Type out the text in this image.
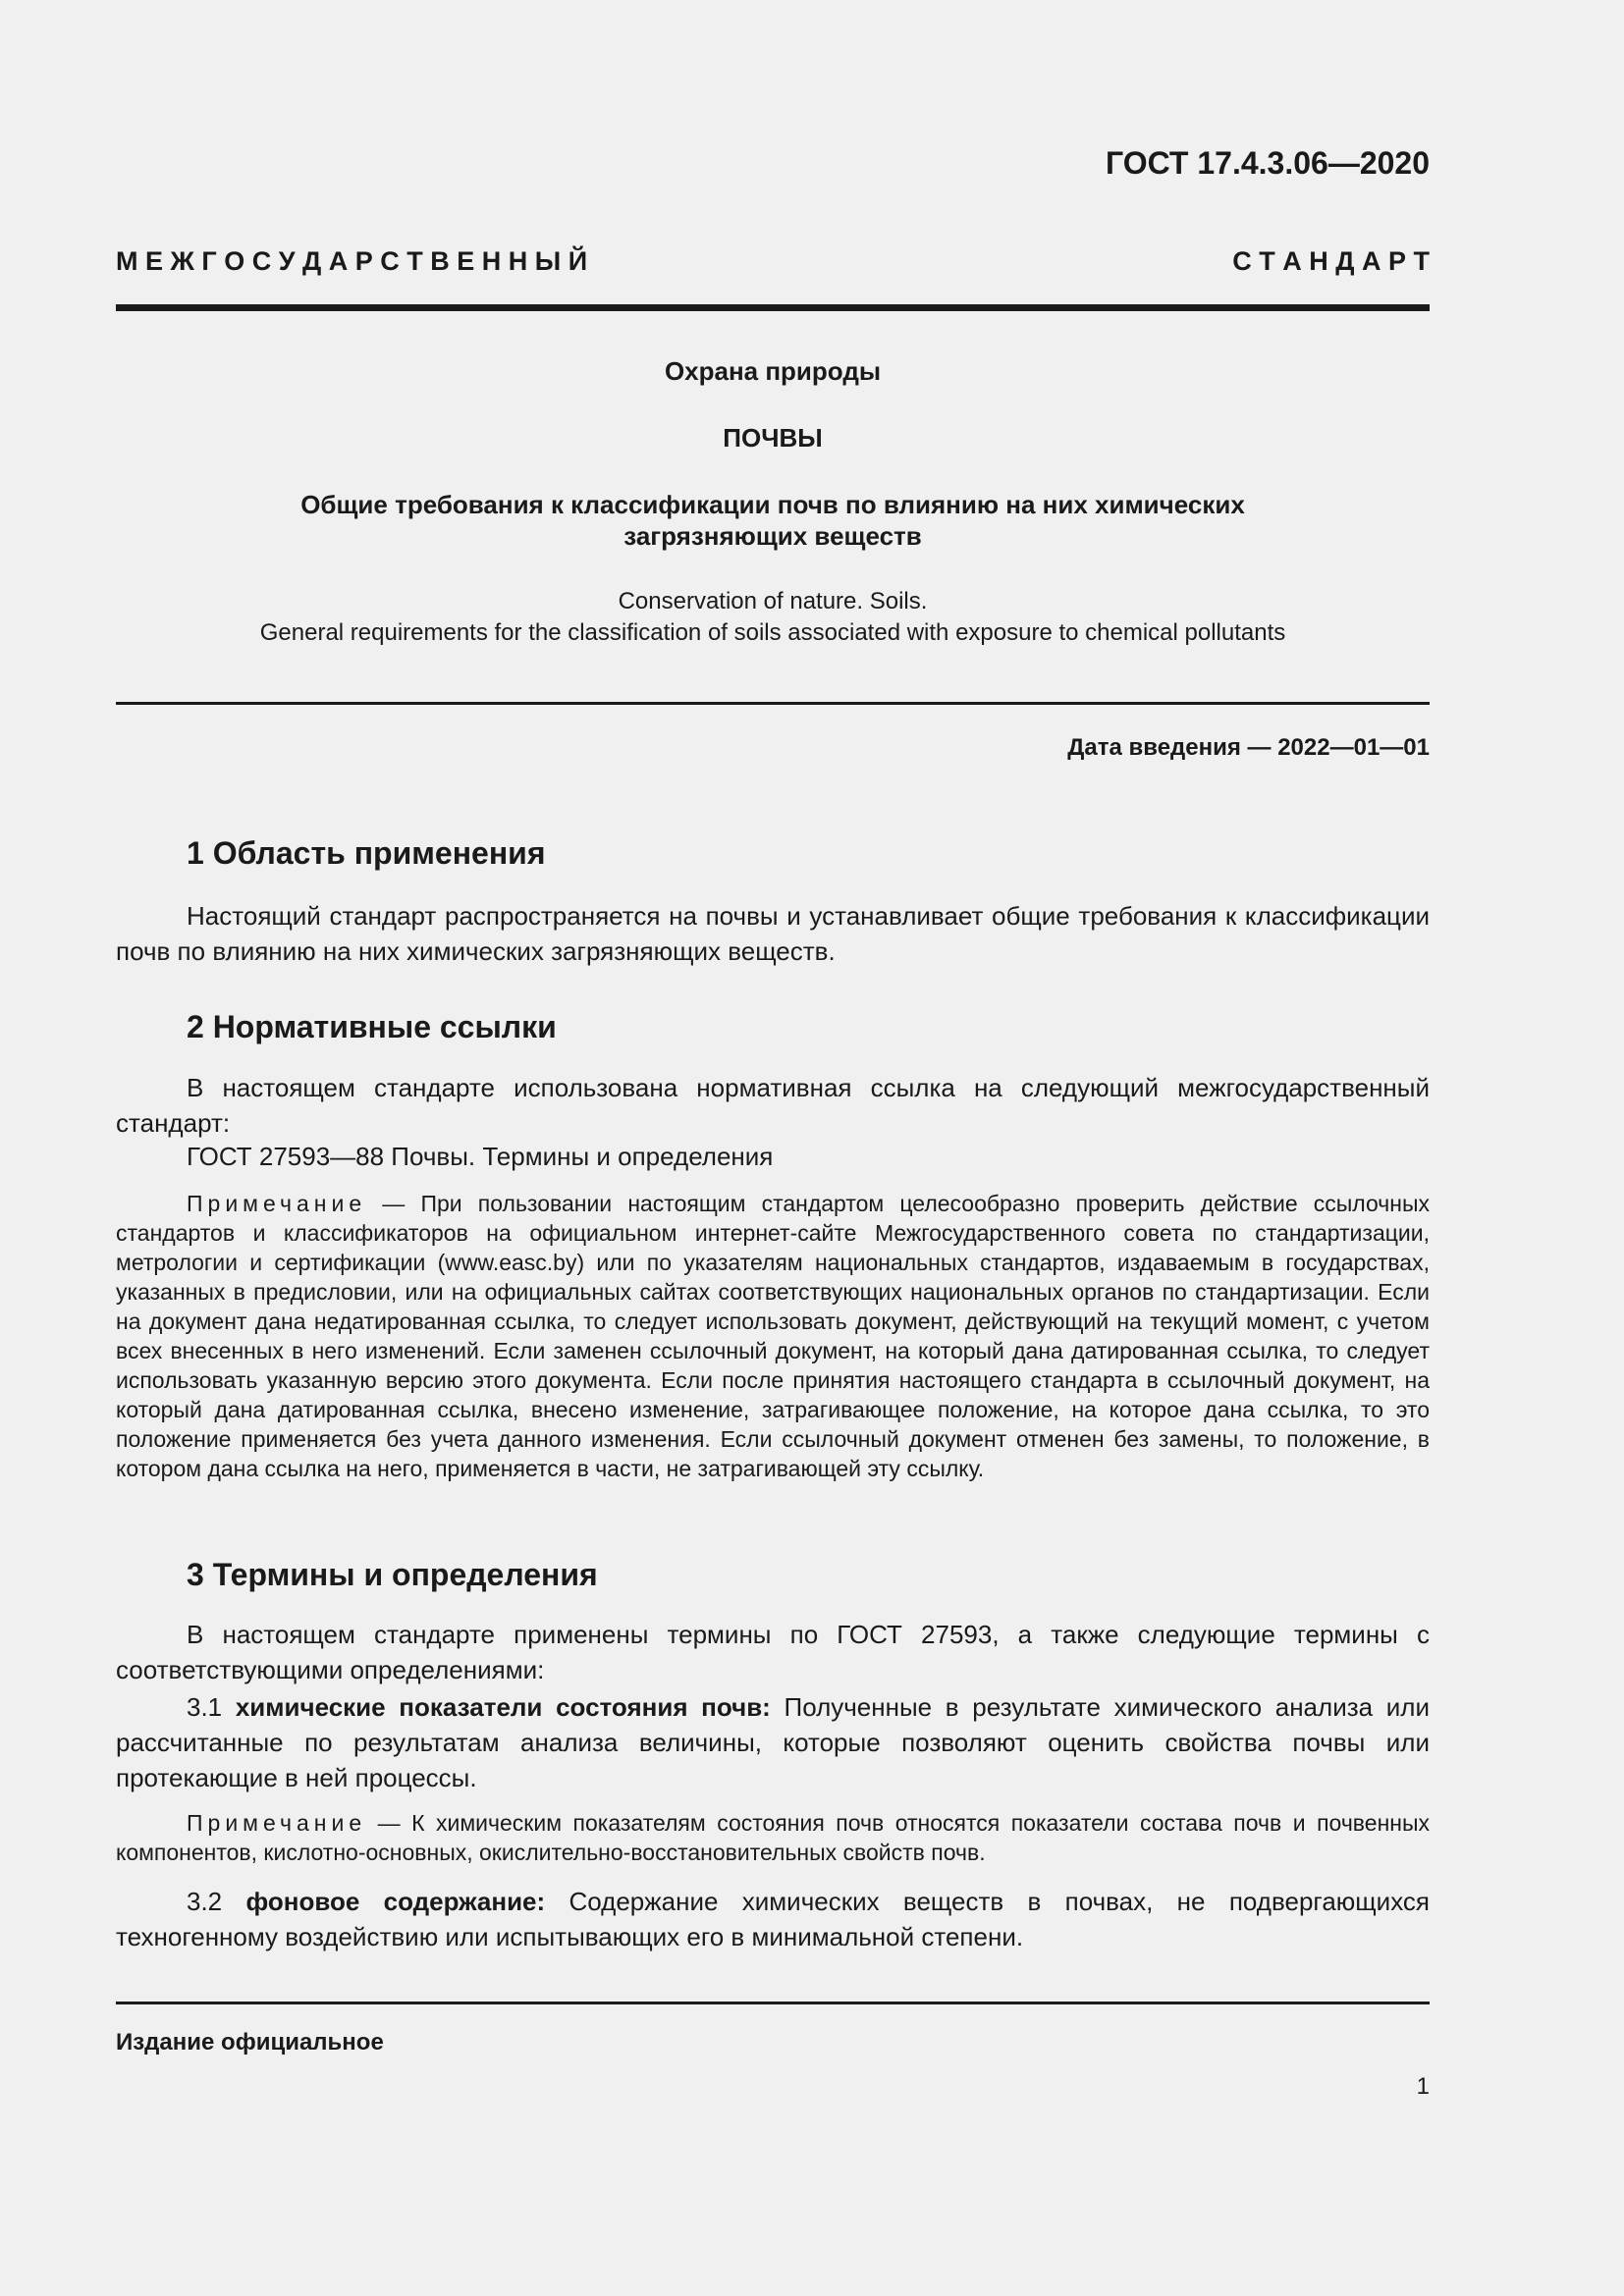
ГОСТ 17.4.3.06—2020
М Е Ж Г О С У Д А Р С Т В Е Н Н Ы Й	С Т А Н Д А Р Т
Охрана природы
ПОЧВЫ
Общие требования к классификации почв по влиянию на них химических
загрязняющих веществ
Conservation of nature. Soils.
General requirements for the classification of soils associated with exposure to chemical pollutants
Дата введения — 2022—01—01
1 Область применения
Настоящий стандарт распространяется на почвы и устанавливает общие требования к классификации почв по влиянию на них химических загрязняющих веществ.
2 Нормативные ссылки
В настоящем стандарте использована нормативная ссылка на следующий межгосударственный стандарт:
ГОСТ 27593—88 Почвы. Термины и определения
Примечание — При пользовании настоящим стандартом целесообразно проверить действие ссылочных стандартов и классификаторов на официальном интернет-сайте Межгосударственного совета по стандартизации, метрологии и сертификации (www.easc.by) или по указателям национальных стандартов, издаваемым в государствах, указанных в предисловии, или на официальных сайтах соответствующих национальных органов по стандартизации. Если на документ дана недатированная ссылка, то следует использовать документ, действующий на текущий момент, с учетом всех внесенных в него изменений. Если заменен ссылочный документ, на который дана датированная ссылка, то следует использовать указанную версию этого документа. Если после принятия настоящего стандарта в ссылочный документ, на который дана датированная ссылка, внесено изменение, затрагивающее положение, на которое дана ссылка, то это положение применяется без учета данного изменения. Если ссылочный документ отменен без замены, то положение, в котором дана ссылка на него, применяется в части, не затрагивающей эту ссылку.
3 Термины и определения
В настоящем стандарте применены термины по ГОСТ 27593, а также следующие термины с соответствующими определениями:
3.1 химические показатели состояния почв: Полученные в результате химического анализа или рассчитанные по результатам анализа величины, которые позволяют оценить свойства почвы или протекающие в ней процессы.
Примечание — К химическим показателям состояния почв относятся показатели состава почв и почвенных компонентов, кислотно-основных, окислительно-восстановительных свойств почв.
3.2 фоновое содержание: Содержание химических веществ в почвах, не подвергающихся техногенному воздействию или испытывающих его в минимальной степени.
Издание официальное
1
